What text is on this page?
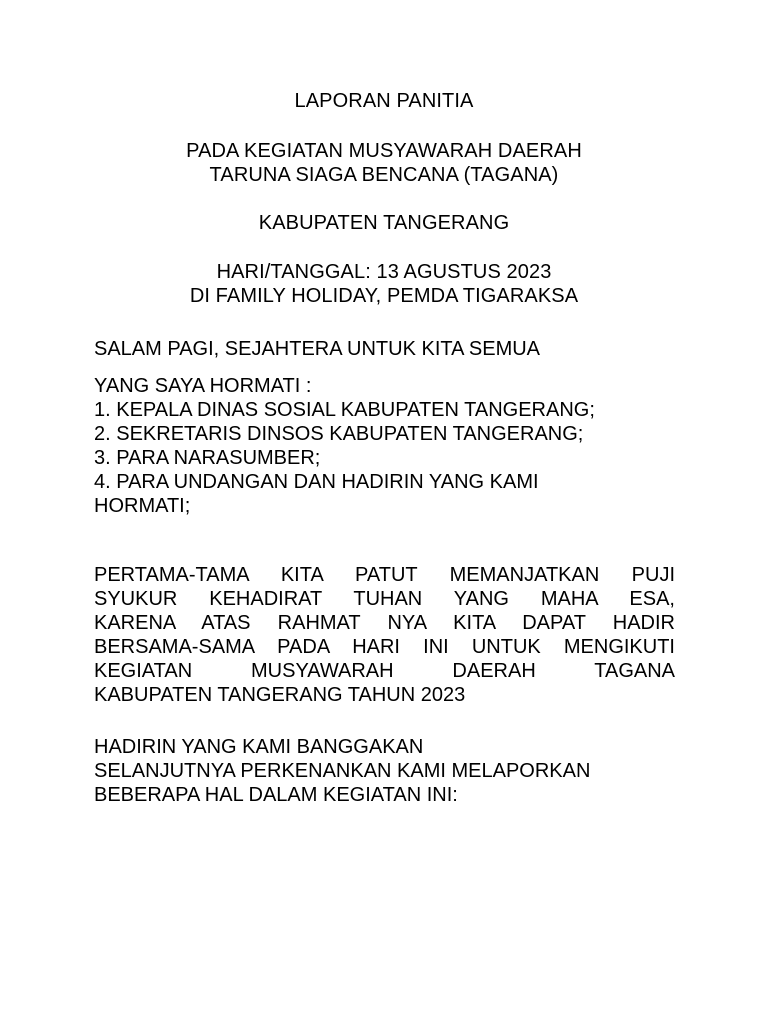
LAPORAN PANITIA
PADA KEGIATAN MUSYAWARAH DAERAH
TARUNA SIAGA BENCANA (TAGANA)
KABUPATEN TANGERANG
HARI/TANGGAL: 13 AGUSTUS 2023
DI FAMILY HOLIDAY, PEMDA TIGARAKSA
SALAM PAGI, SEJAHTERA UNTUK KITA SEMUA
YANG SAYA HORMATI :
1. KEPALA DINAS SOSIAL KABUPATEN TANGERANG;
2. SEKRETARIS DINSOS KABUPATEN TANGERANG;
3. PARA NARASUMBER;
4. PARA UNDANGAN DAN HADIRIN YANG KAMI
HORMATI;
PERTAMA-TAMA KITA PATUT MEMANJATKAN PUJI
SYUKUR KEHADIRAT TUHAN YANG MAHA ESA,
KARENA ATAS RAHMAT NYA KITA DAPAT HADIR
BERSAMA-SAMA PADA HARI INI UNTUK MENGIKUTI
KEGIATAN MUSYAWARAH DAERAH TAGANA
KABUPATEN TANGERANG TAHUN 2023
HADIRIN YANG KAMI BANGGAKAN
SELANJUTNYA PERKENANKAN KAMI MELAPORKAN
BEBERAPA HAL DALAM KEGIATAN INI:
